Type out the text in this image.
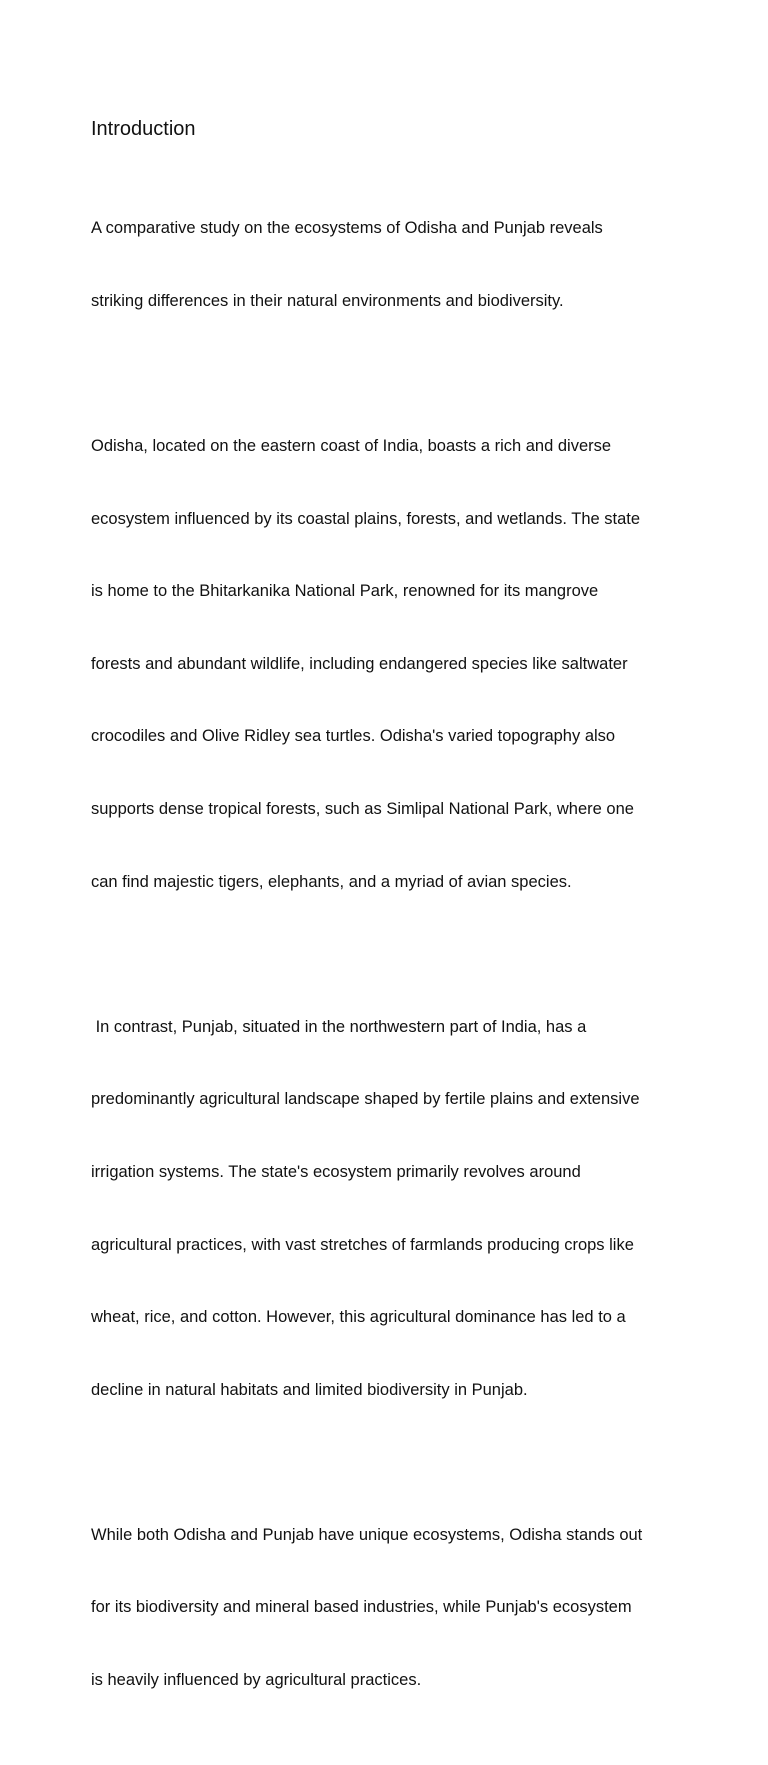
Introduction

A comparative study on the ecosystems of Odisha and Punjab reveals

striking differences in their natural environments and biodiversity.

Odisha, located on the eastern coast of India, boasts a rich and diverse

ecosystem influenced by its coastal plains, forests, and wetlands. The state

is home to the Bhitarkanika National Park, renowned for its mangrove

forests and abundant wildlife, including endangered species like saltwater

crocodiles and Olive Ridley sea turtles. Odisha's varied topography also

supports dense tropical forests, such as Simlipal National Park, where one

can find majestic tigers, elephants, and a myriad of avian species.

In contrast, Punjab, situated in the northwestern part of India, has a

predominantly agricultural landscape shaped by fertile plains and extensive

irrigation systems. The state's ecosystem primarily revolves around

agricultural practices, with vast stretches of farmlands producing crops like

wheat, rice, and cotton. However, this agricultural dominance has led to a

decline in natural habitats and limited biodiversity in Punjab.

While both Odisha and Punjab have unique ecosystems, Odisha stands out

for its biodiversity and mineral based industries, while Punjab's ecosystem

is heavily influenced by agricultural practices.
